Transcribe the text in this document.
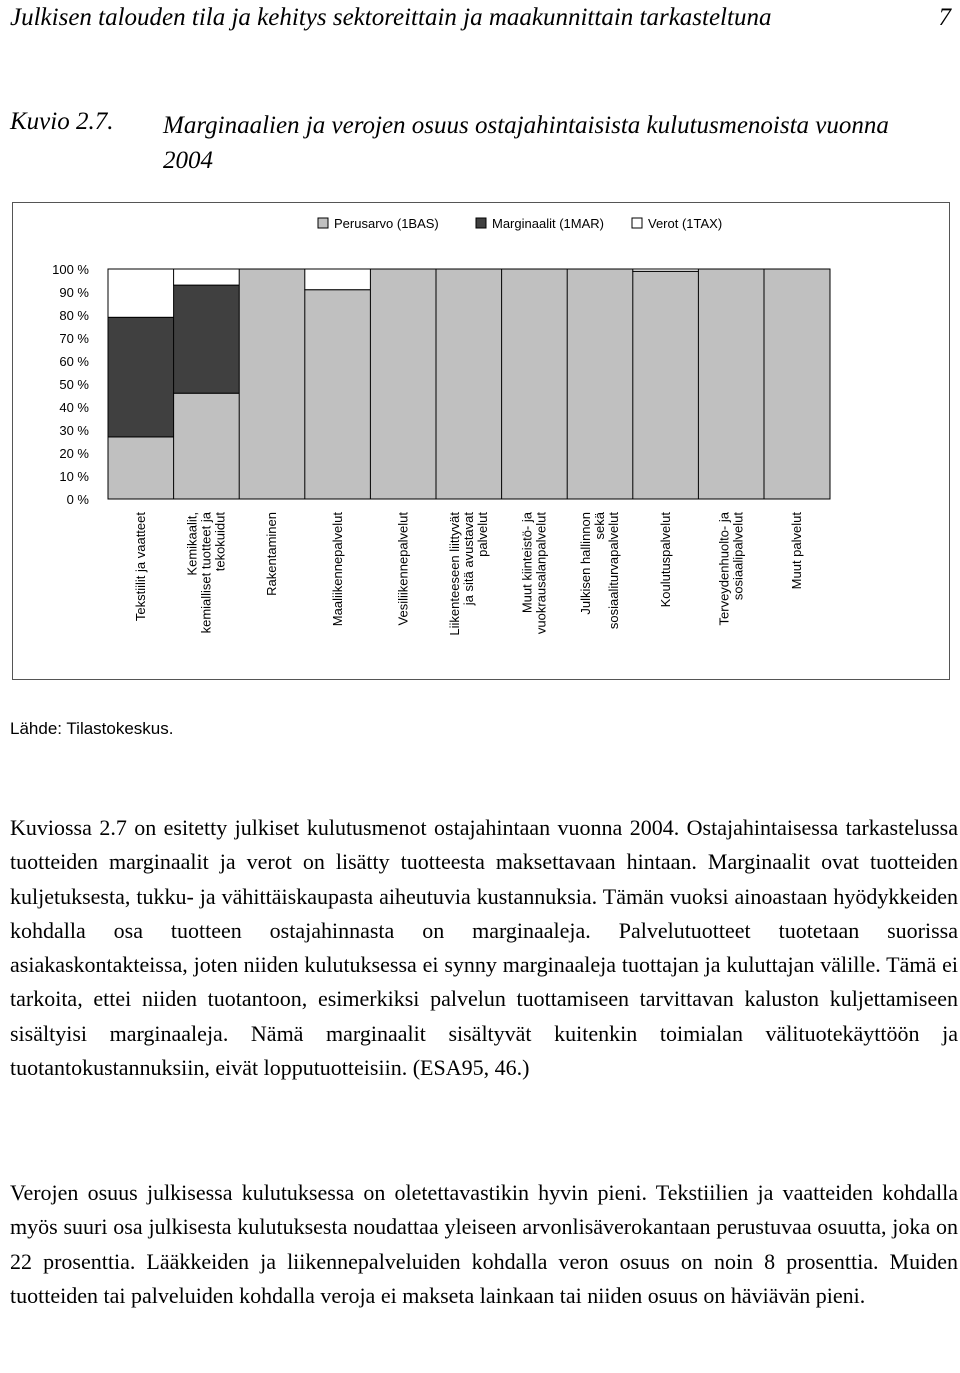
Julkisen talouden tila ja kehitys sektoreittain ja maakunnittain tarkasteltuna	7
Kuvio 2.7. Marginaalien ja verojen osuus ostajahintaisista kulutusmenoista vuonna 2004
0 %
10 %
20 %
30 %
40 %
50 %
60 %
70 %
80 %
90 %
100 %
Tekstiilit ja vaatteet	Kemikaalit, kemialliset tuotteet ja tekokuidut	Rakentaminen	Maaliikennepalvelut	Vesiliikennepalvelut	Liikenteeseen liittyvät ja sitä avustavat palvelut Muut kiinteistö- ja vuokrausalanpalvelut Julkisen hallinnon sekä sosiaaliturvapalvelut	Koulutuspalvelut	Terveydenhuolto- ja sosiaalipalvelut	Muut palvelut
Perusarvo (1BAS)	Marginaalit (1MAR)	Verot (1TAX)
Lähde: Tilastokeskus.

Kuviossa 2.7 on esitetty julkiset kulutusmenot ostajahintaan vuonna 2004. Ostajahintaisessa tarkastelussa tuotteiden marginaalit ja verot on lisätty tuotteesta maksettavaan hintaan. Marginaalit ovat tuotteiden kuljetuksesta, tukku- ja vähittäiskaupasta aiheutuvia kustannuksia. Tämän vuoksi ainoastaan hyödykkeiden kohdalla osa tuotteen ostajahinnasta on marginaaleja. Palvelutuotteet tuotetaan suorissa asiakaskontakteissa, joten niiden kulutuksessa ei synny marginaaleja tuottajan ja kuluttajan välille. Tämä ei tarkoita, ettei niiden tuotantoon, esimerkiksi palvelun tuottamiseen tarvittavan kaluston kuljettamiseen sisältyisi marginaaleja. Nämä marginaalit sisältyvät kuitenkin toimialan välituotekäyttöön ja tuotantokustannuksiin, eivät lopputuotteisiin. (ESA95, 46.)

Verojen osuus julkisessa kulutuksessa on oletettavastikin hyvin pieni. Tekstiilien ja vaatteiden kohdalla myös suuri osa julkisesta kulutuksesta noudattaa yleiseen arvonlisäverokantaan perustuvaa osuutta, joka on 22 prosenttia. Lääkkeiden ja liikennepalveluiden kohdalla veron osuus on noin 8 prosenttia. Muiden tuotteiden tai palveluiden kohdalla veroja ei makseta lainkaan tai niiden osuus on häviävän pieni.
